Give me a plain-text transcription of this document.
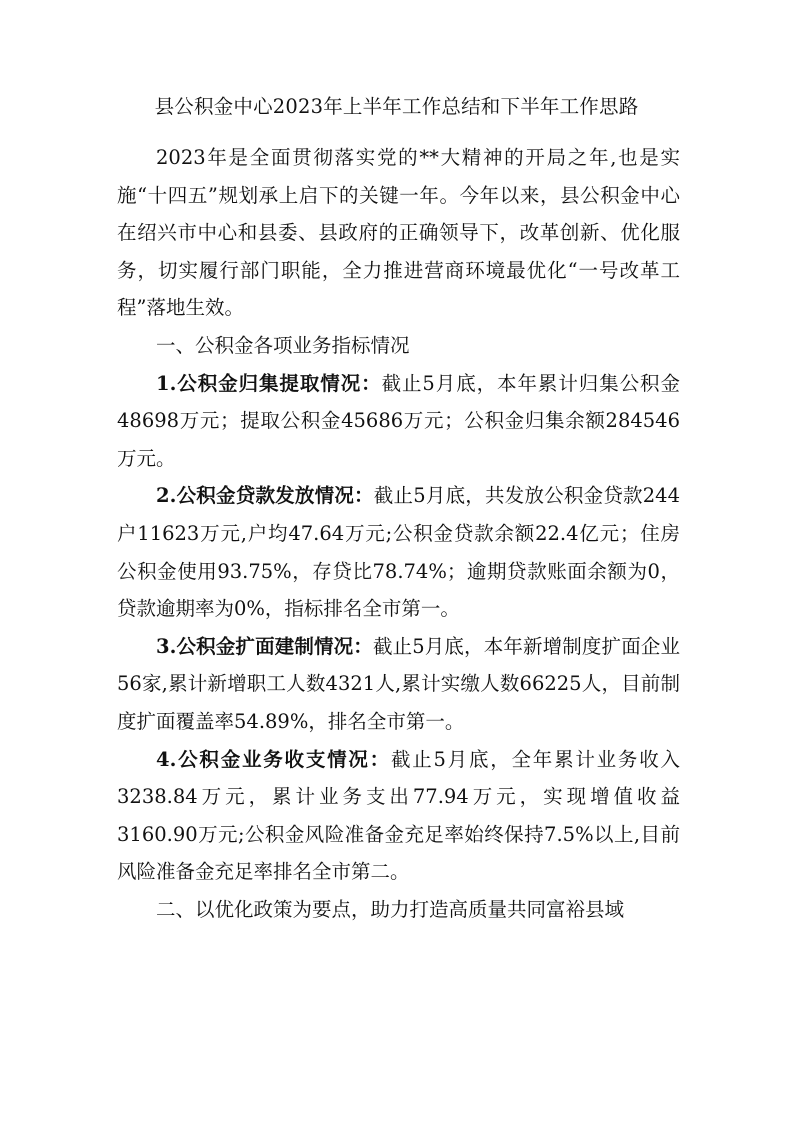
县公积金中心2023年上半年工作总结和下半年工作思路

2023年是全面贯彻落实党的**大精神的开局之年,也是实施“十四五”规划承上启下的关键一年。今年以来，县公积金中心在绍兴市中心和县委、县政府的正确领导下，改革创新、优化服务，切实履行部门职能，全力推进营商环境最优化“一号改革工程”落地生效。

一、公积金各项业务指标情况

1.公积金归集提取情况：截止5月底，本年累计归集公积金48698万元；提取公积金45686万元；公积金归集余额284546万元。

2.公积金贷款发放情况：截止5月底，共发放公积金贷款244户11623万元,户均47.64万元;公积金贷款余额22.4亿元；住房公积金使用93.75%，存贷比78.74%；逾期贷款账面余额为0，贷款逾期率为0%，指标排名全市第一。

3.公积金扩面建制情况：截止5月底，本年新增制度扩面企业56家,累计新增职工人数4321人,累计实缴人数66225人，目前制度扩面覆盖率54.89%，排名全市第一。

4.公积金业务收支情况：截止5月底，全年累计业务收入3238.84万元，累计业务支出77.94万元，实现增值收益3160.90万元;公积金风险准备金充足率始终保持7.5%以上,目前风险准备金充足率排名全市第二。

二、以优化政策为要点，助力打造高质量共同富裕县域
